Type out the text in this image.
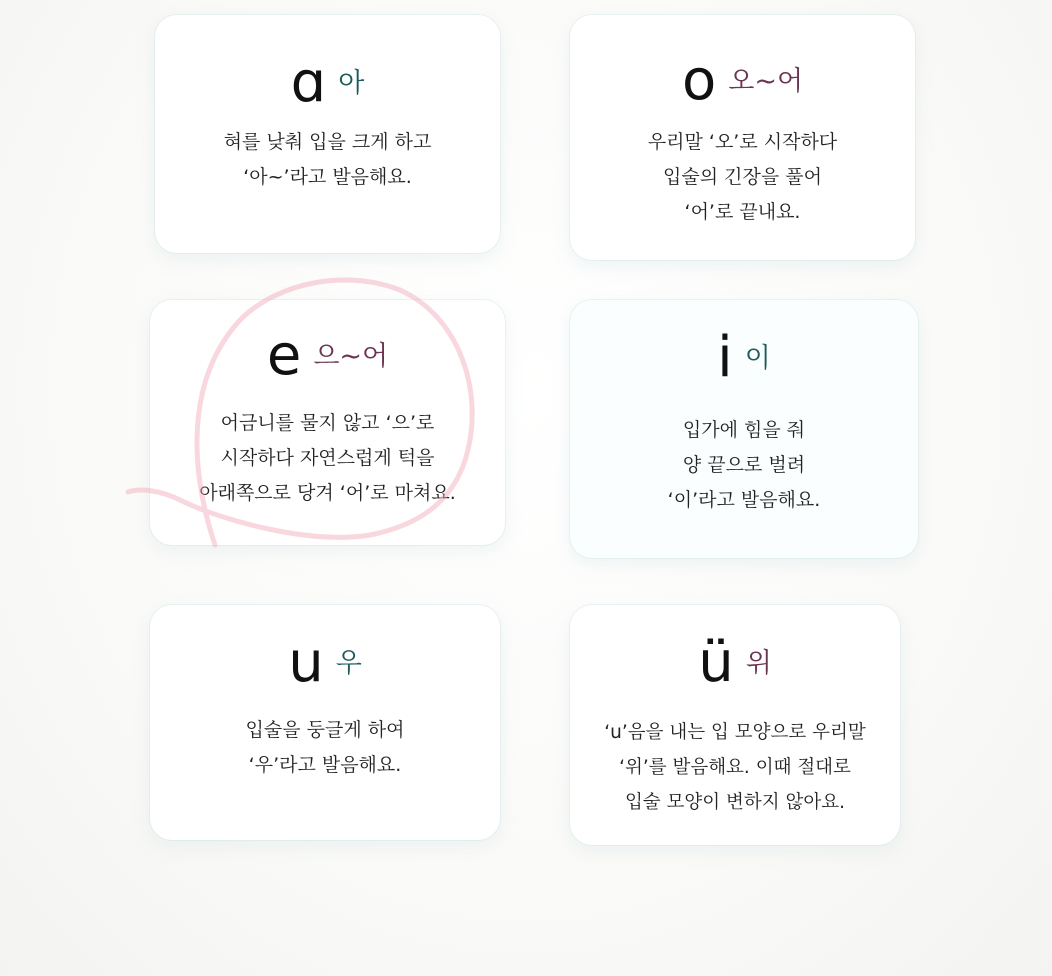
ɑ 아
혀를 낮춰 입을 크게 하고
‘아~’라고 발음해요.
o 오~어
우리말 ‘오’로 시작하다
입술의 긴장을 풀어
‘어’로 끝내요.
e 으~어
어금니를 물지 않고 ‘으’로
시작하다 자연스럽게 턱을
아래쪽으로 당겨 ‘어’로 마쳐요.
i 이
입가에 힘을 줘
양 끝으로 벌려
‘이’라고 발음해요.
u 우
입술을 둥글게 하여
‘우’라고 발음해요.
ü 위
‘u’음을 내는 입 모양으로 우리말
‘위’를 발음해요. 이때 절대로
입술 모양이 변하지 않아요.
